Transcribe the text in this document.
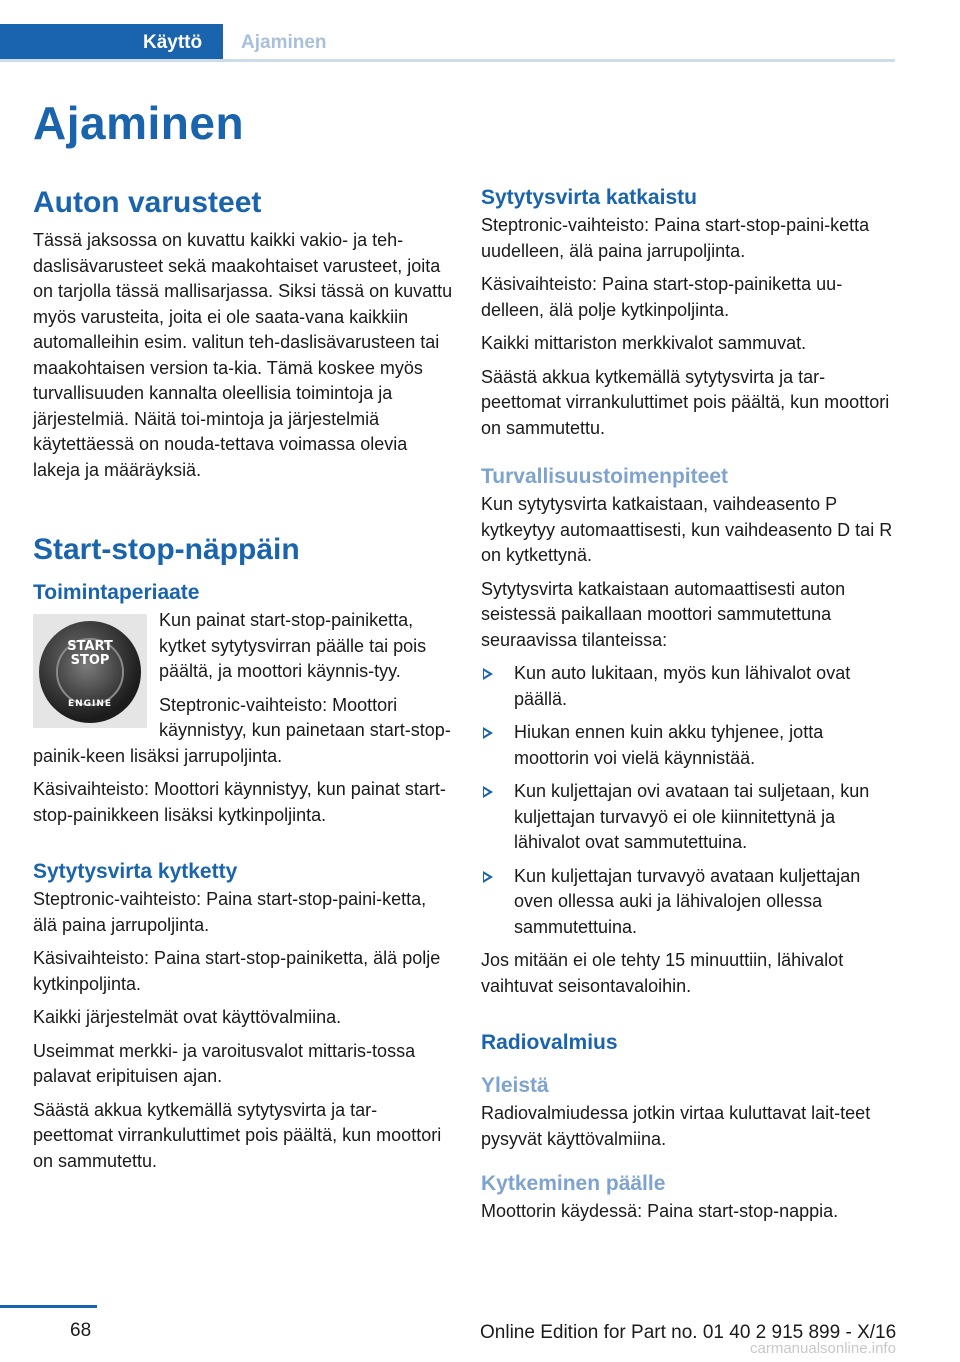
Käyttö	Ajaminen
Ajaminen
Auton varusteet

Tässä jaksossa on kuvattu kaikki vakio- ja teh-daslisävarusteet sekä maakohtaiset varusteet, joita on tarjolla tässä mallisarjassa. Siksi tässä on kuvattu myös varusteita, joita ei ole saata-vana kaikkiin automalleihin esim. valitun teh-daslisävarusteen tai maakohtaisen version ta-kia. Tämä koskee myös turvallisuuden kannalta oleellisia toimintoja ja järjestelmiä. Näitä toi-mintoja ja järjestelmiä käytettäessä on nouda-tettava voimassa olevia lakeja ja määräyksiä.

Start-stop-näppäin
Toimintaperiaate
START
STOP
ENGINE

Kun painat start-stop-painiketta, kytket sytytysvirran päälle tai pois päältä, ja moottori käynnis-tyy.

Steptronic-vaihteisto: Moottori käynnistyy, kun painetaan start-stop-painik-keen lisäksi jarrupoljinta.

Käsivaihteisto: Moottori käynnistyy, kun painat start-stop-painikkeen lisäksi kytkinpoljinta.

Sytytysvirta kytketty

Steptronic-vaihteisto: Paina start-stop-paini-ketta, älä paina jarrupoljinta.

Käsivaihteisto: Paina start-stop-painiketta, älä polje kytkinpoljinta.

Kaikki järjestelmät ovat käyttövalmiina.

Useimmat merkki- ja varoitusvalot mittaris-tossa palavat eripituisen ajan.

Säästä akkua kytkemällä sytytysvirta ja tar-peettomat virrankuluttimet pois päältä, kun moottori on sammutettu.

Sytytysvirta katkaistu

Steptronic-vaihteisto: Paina start-stop-paini-ketta uudelleen, älä paina jarrupoljinta.

Käsivaihteisto: Paina start-stop-painiketta uu-delleen, älä polje kytkinpoljinta.

Kaikki mittariston merkkivalot sammuvat.

Säästä akkua kytkemällä sytytysvirta ja tar-peettomat virrankuluttimet pois päältä, kun moottori on sammutettu.

Turvallisuustoimenpiteet

Kun sytytysvirta katkaistaan, vaihdeasento P kytkeytyy automaattisesti, kun vaihdeasento D tai R on kytkettynä.

Sytytysvirta katkaistaan automaattisesti auton seistessä paikallaan moottori sammutettuna seuraavissa tilanteissa:

Kun auto lukitaan, myös kun lähivalot ovat päällä.
Hiukan ennen kuin akku tyhjenee, jotta moottorin voi vielä käynnistää.
Kun kuljettajan ovi avataan tai suljetaan, kun kuljettajan turvavyö ei ole kiinnitettynä ja lähivalot ovat sammutettuina.
Kun kuljettajan turvavyö avataan kuljettajan oven ollessa auki ja lähivalojen ollessa sammutettuina.

Jos mitään ei ole tehty 15 minuuttiin, lähivalot vaihtuvat seisontavaloihin.

Radiovalmius
Yleistä

Radiovalmiudessa jotkin virtaa kuluttavat lait-teet pysyvät käyttövalmiina.

Kytkeminen päälle

Moottorin käydessä: Paina start-stop-nappia.

68	Online Edition for Part no. 01 40 2 915 899 - X/16
carmanualsonline.info
